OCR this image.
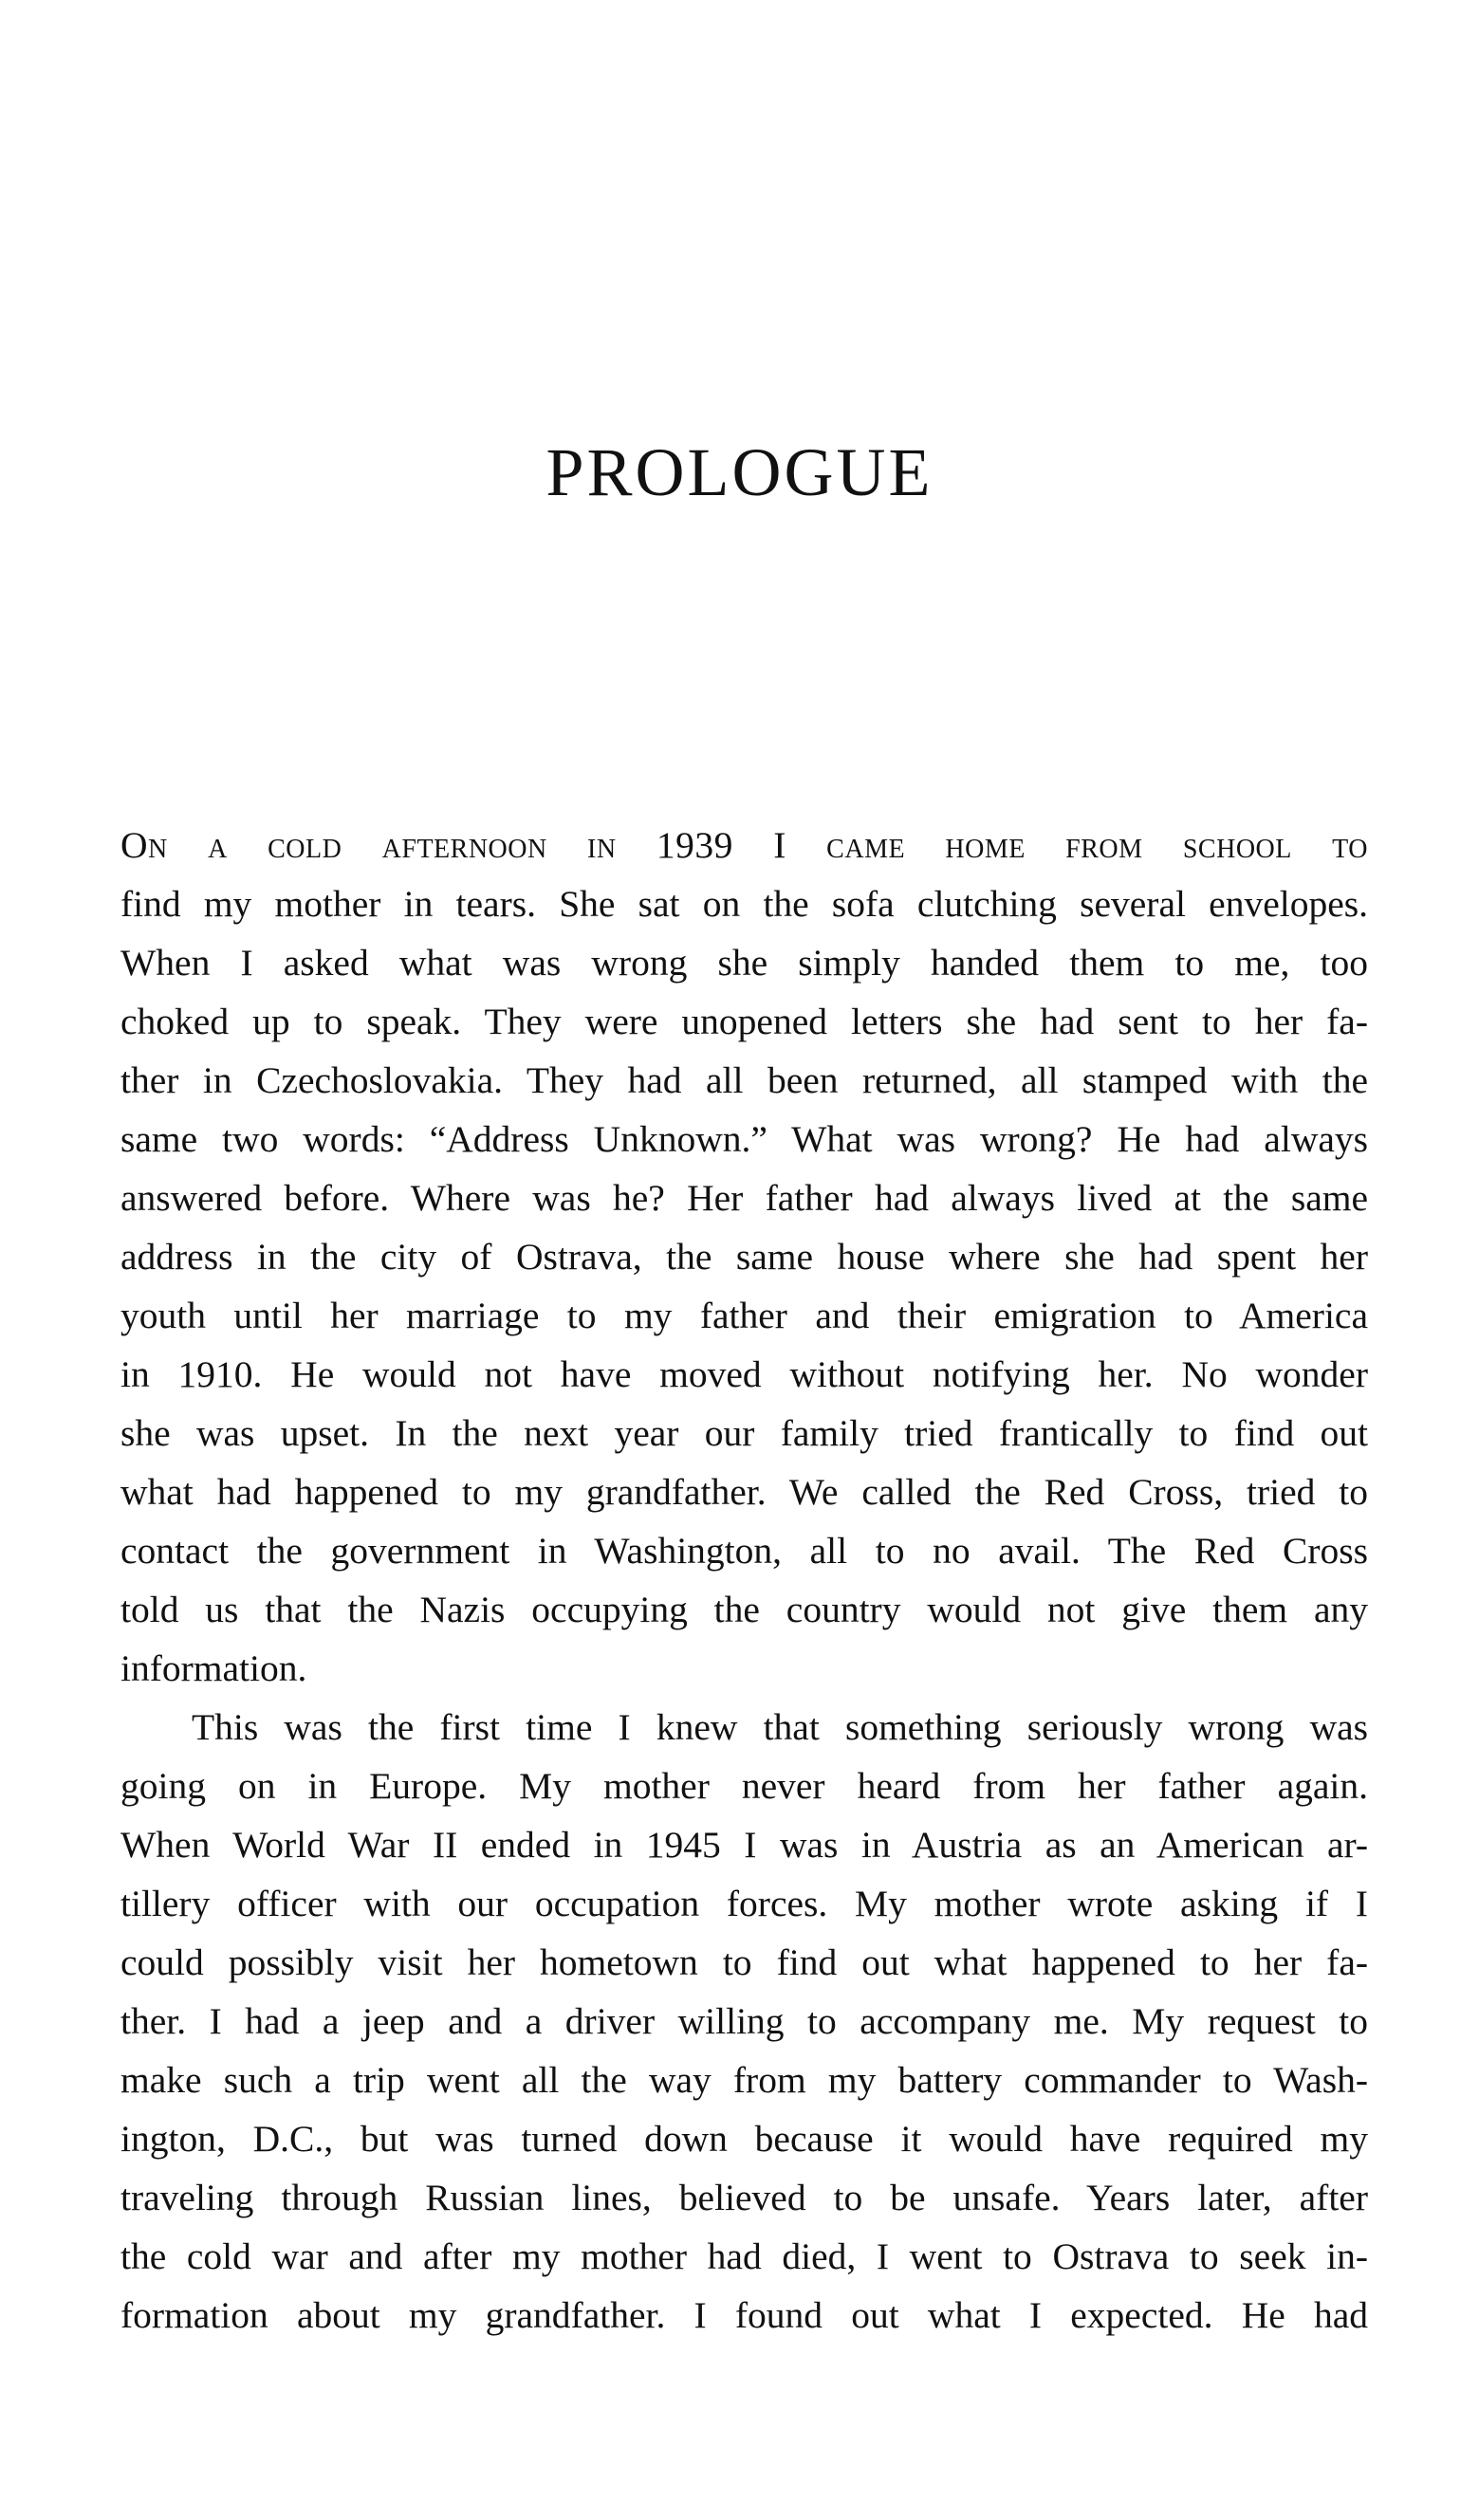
PROLOGUE
On a cold afternoon in 1939 I came home from school to
find my mother in tears. She sat on the sofa clutching several envelopes.
When I asked what was wrong she simply handed them to me, too
choked up to speak. They were unopened letters she had sent to her fa-
ther in Czechoslovakia. They had all been returned, all stamped with the
same two words: “Address Unknown.” What was wrong? He had always
answered before. Where was he? Her father had always lived at the same
address in the city of Ostrava, the same house where she had spent her
youth until her marriage to my father and their emigration to America
in 1910. He would not have moved without notifying her. No wonder
she was upset. In the next year our family tried frantically to find out
what had happened to my grandfather. We called the Red Cross, tried to
contact the government in Washington, all to no avail. The Red Cross
told us that the Nazis occupying the country would not give them any
information.
This was the first time I knew that something seriously wrong was
going on in Europe. My mother never heard from her father again.
When World War II ended in 1945 I was in Austria as an American ar-
tillery officer with our occupation forces. My mother wrote asking if I
could possibly visit her hometown to find out what happened to her fa-
ther. I had a jeep and a driver willing to accompany me. My request to
make such a trip went all the way from my battery commander to Wash-
ington, D.C., but was turned down because it would have required my
traveling through Russian lines, believed to be unsafe. Years later, after
the cold war and after my mother had died, I went to Ostrava to seek in-
formation about my grandfather. I found out what I expected. He had
